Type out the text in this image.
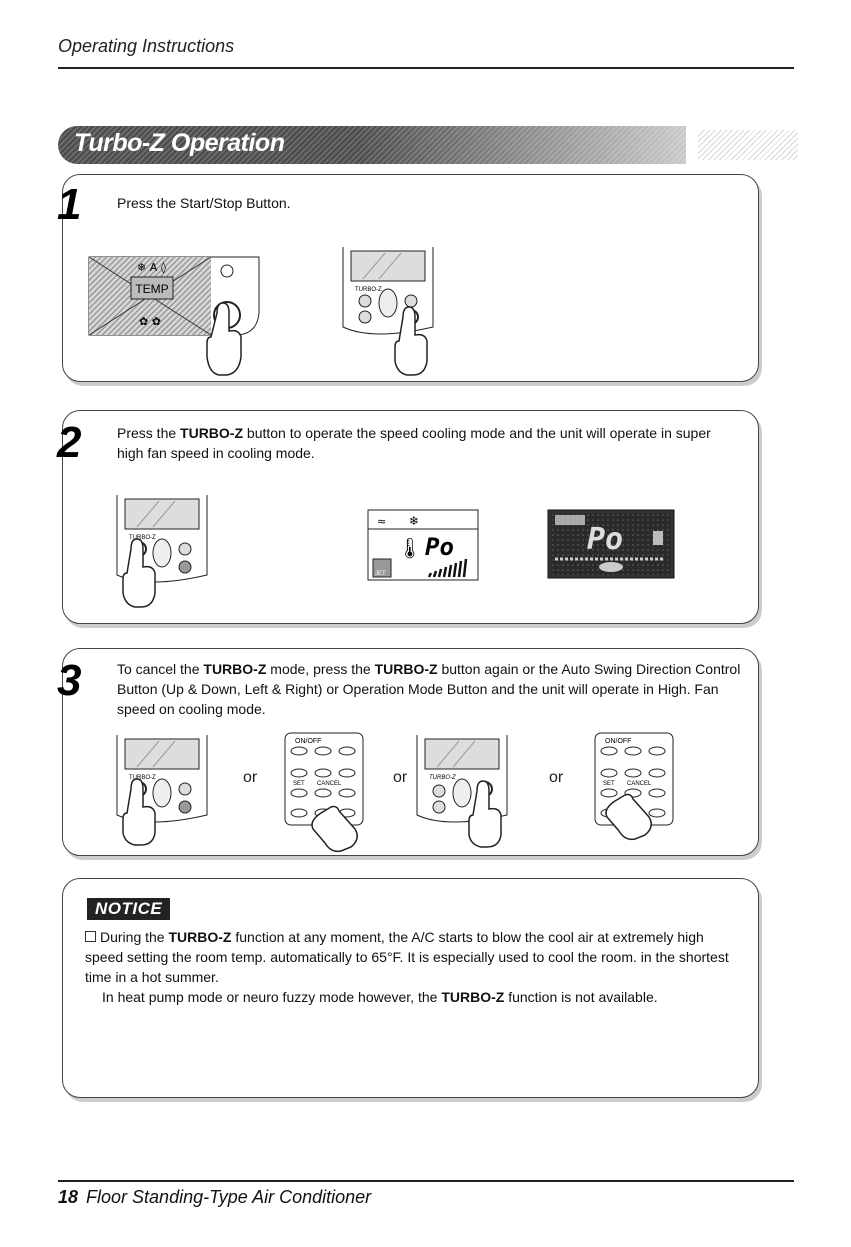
Operating Instructions
Turbo-Z Operation
1	Press the Start/Stop Button.
TEMP
❄ A ◊
✿ ✿
TURBO-Z
2	Press the TURBO-Z button to operate the speed cooling mode and the unit will operate in super high fan speed in cooling mode.
TURBO-Z
≈ ❄
🌡 Po
JET
Po
3	To cancel the TURBO-Z mode, press the TURBO-Z button again or the Auto Swing Direction Control Button (Up & Down, Left & Right) or Operation Mode Button and the unit will operate in High. Fan speed on cooling mode.
TURBO-Z	or
ON/OFF
SET CANCEL	or	TURBO-Z	or
ON/OFF
SET CANCEL
NOTICE
During the TURBO-Z function at any moment, the A/C starts to blow the cool air at extremely high speed setting the room temp. automatically to 65°F. It is especially used to cool the room. in the shortest time in a hot summer.
In heat pump mode or neuro fuzzy mode however, the TURBO-Z function is not available.
18 Floor Standing-Type Air Conditioner
